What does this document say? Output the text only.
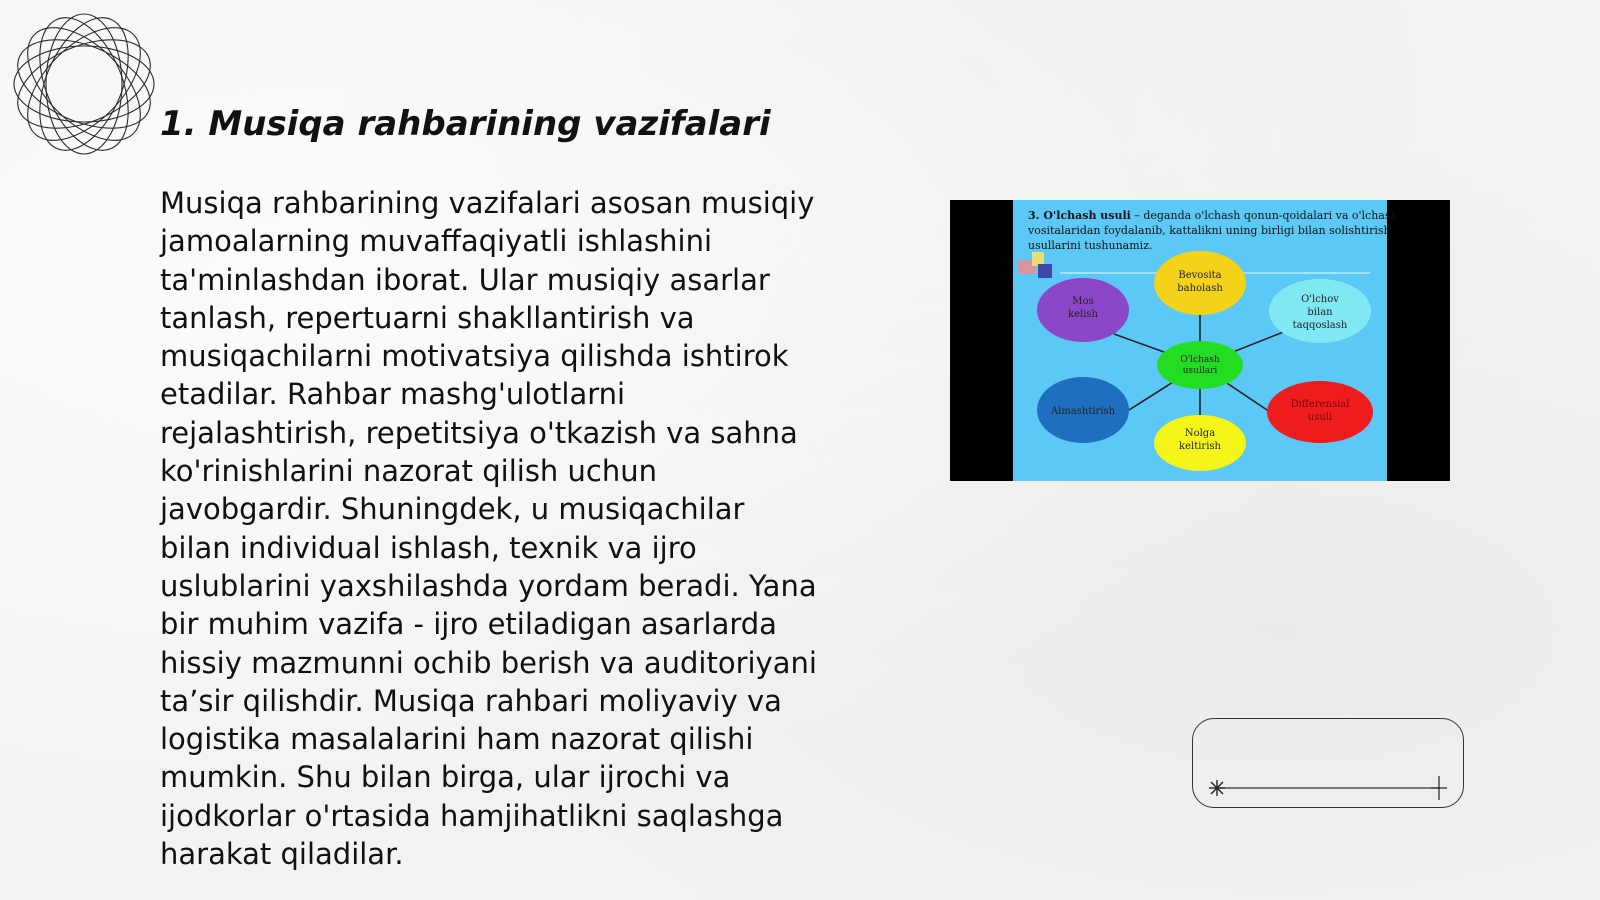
1. Musiqa rahbarining vazifalari

Musiqa rahbarining vazifalari asosan musiqiy
jamoalarning muvaffaqiyatli ishlashini
ta'minlashdan iborat. Ular musiqiy asarlar
tanlash, repertuarni shakllantirish va
musiqachilarni motivatsiya qilishda ishtirok
etadilar. Rahbar mashg'ulotlarni
rejalashtirish, repetitsiya o'tkazish va sahna
ko'rinishlarini nazorat qilish uchun
javobgardir. Shuningdek, u musiqachilar
bilan individual ishlash, texnik va ijro
uslublarini yaxshilashda yordam beradi. Yana
bir muhim vazifa - ijro etiladigan asarlarda
hissiy mazmunni ochib berish va auditoriyani
ta’sir qilishdir. Musiqa rahbari moliyaviy va
logistika masalalarini ham nazorat qilishi
mumkin. Shu bilan birga, ular ijrochi va
ijodkorlar o'rtasida hamjihatlikni saqlashga
harakat qiladilar.

3. O'lchash usuli – deganda o'lchash qonun-qoidalari va o'lchash
vositalaridan foydalanib, kattalikni uning birligi bilan solishtirish
usullarini tushunamiz.
Bevosita
baholash
Mos
kelish
O'lchov
bilan
taqqoslash
Almashtirish
Nolga
keltirish
Differensial
usuli
O'lchash
usullari
